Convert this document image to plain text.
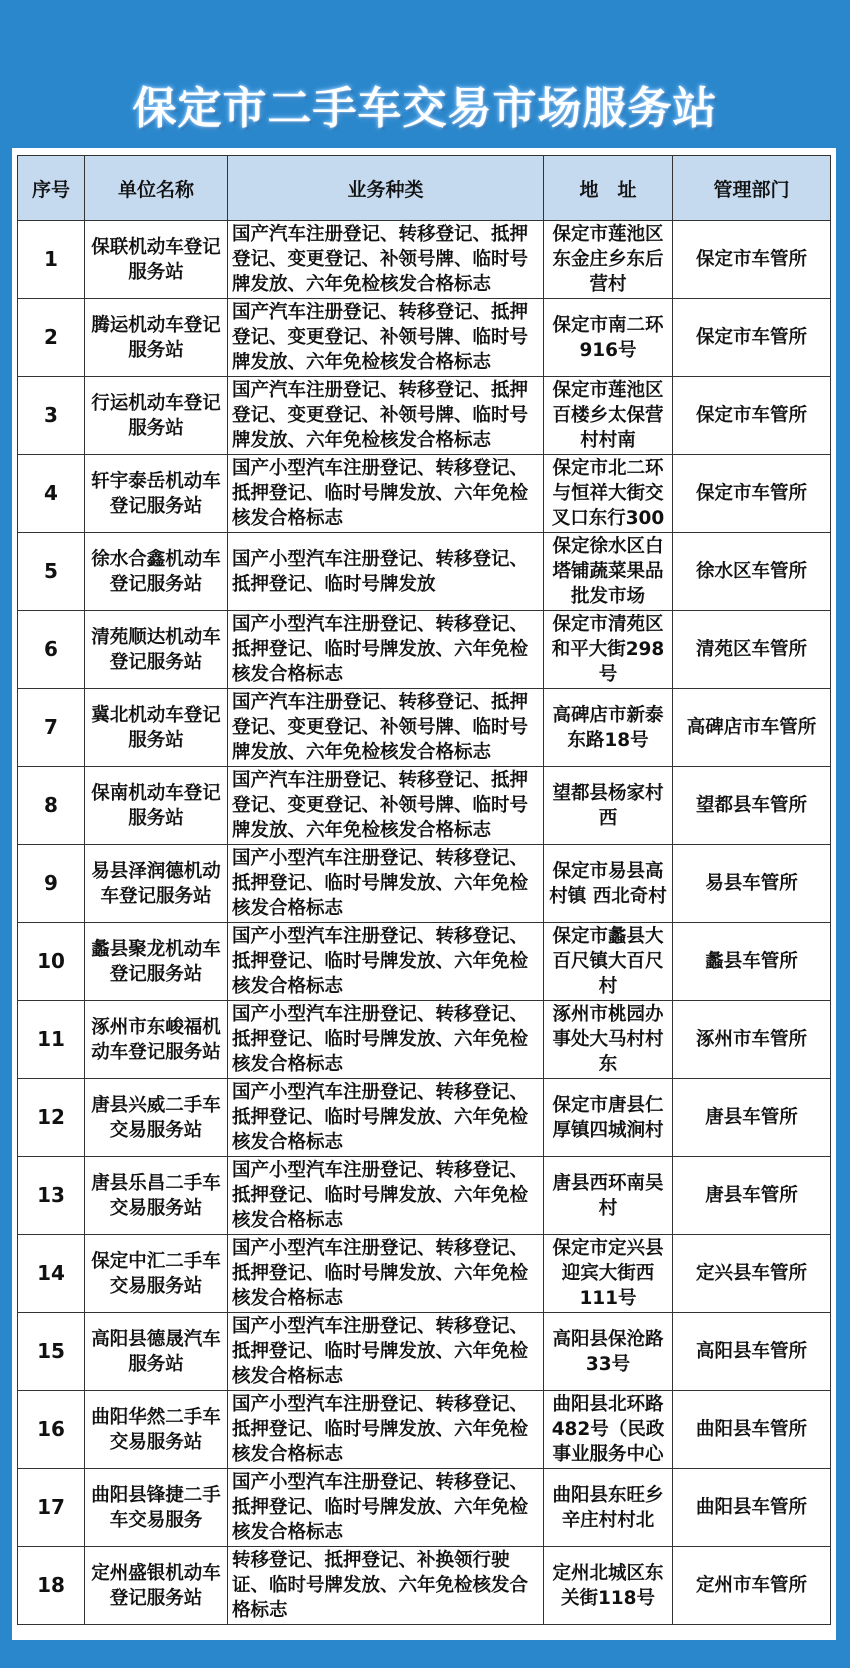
保定市二手车交易市场服务站
序号	单位名称	业务种类	地　址	管理部门
1	保联机动车登记服务站	国产汽车注册登记、转移登记、抵押登记、变更登记、补领号牌、临时号牌发放、六年免检核发合格标志	保定市莲池区东金庄乡东后营村	保定市车管所
2	腾运机动车登记服务站	国产汽车注册登记、转移登记、抵押登记、变更登记、补领号牌、临时号牌发放、六年免检核发合格标志	保定市南二环916号	保定市车管所
3	行运机动车登记服务站	国产汽车注册登记、转移登记、抵押登记、变更登记、补领号牌、临时号牌发放、六年免检核发合格标志	保定市莲池区百楼乡太保营村村南	保定市车管所
4	轩宇泰岳机动车登记服务站	国产小型汽车注册登记、转移登记、抵押登记、临时号牌发放、六年免检核发合格标志	保定市北二环与恒祥大街交叉口东行300	保定市车管所
5	徐水合鑫机动车登记服务站	国产小型汽车注册登记、转移登记、抵押登记、临时号牌发放	保定徐水区白塔铺蔬菜果品批发市场	徐水区车管所
6	清苑顺达机动车登记服务站	国产小型汽车注册登记、转移登记、抵押登记、临时号牌发放、六年免检核发合格标志	保定市清苑区和平大街298号	清苑区车管所
7	冀北机动车登记服务站	国产汽车注册登记、转移登记、抵押登记、变更登记、补领号牌、临时号牌发放、六年免检核发合格标志	高碑店市新泰东路18号	高碑店市车管所
8	保南机动车登记服务站	国产汽车注册登记、转移登记、抵押登记、变更登记、补领号牌、临时号牌发放、六年免检核发合格标志	望都县杨家村西	望都县车管所
9	易县泽润德机动车登记服务站	国产小型汽车注册登记、转移登记、抵押登记、临时号牌发放、六年免检核发合格标志	保定市易县高村镇 西北奇村	易县车管所
10	蠡县聚龙机动车登记服务站	国产小型汽车注册登记、转移登记、抵押登记、临时号牌发放、六年免检核发合格标志	保定市蠡县大百尺镇大百尺村	蠡县车管所
11	涿州市东峻福机动车登记服务站	国产小型汽车注册登记、转移登记、抵押登记、临时号牌发放、六年免检核发合格标志	涿州市桃园办事处大马村村东	涿州市车管所
12	唐县兴威二手车交易服务站	国产小型汽车注册登记、转移登记、抵押登记、临时号牌发放、六年免检核发合格标志	保定市唐县仁厚镇四城涧村	唐县车管所
13	唐县乐昌二手车交易服务站	国产小型汽车注册登记、转移登记、抵押登记、临时号牌发放、六年免检核发合格标志	唐县西环南吴村	唐县车管所
14	保定中汇二手车交易服务站	国产小型汽车注册登记、转移登记、抵押登记、临时号牌发放、六年免检核发合格标志	保定市定兴县迎宾大街西111号	定兴县车管所
15	高阳县德晟汽车服务站	国产小型汽车注册登记、转移登记、抵押登记、临时号牌发放、六年免检核发合格标志	高阳县保沧路33号	高阳县车管所
16	曲阳华然二手车交易服务站	国产小型汽车注册登记、转移登记、抵押登记、临时号牌发放、六年免检核发合格标志	曲阳县北环路482号（民政事业服务中心	曲阳县车管所
17	曲阳县锋捷二手车交易服务	国产小型汽车注册登记、转移登记、抵押登记、临时号牌发放、六年免检核发合格标志	曲阳县东旺乡辛庄村村北	曲阳县车管所
18	定州盛银机动车登记服务站	转移登记、抵押登记、补换领行驶证、临时号牌发放、六年免检核发合格标志	定州北城区东关街118号	定州市车管所
